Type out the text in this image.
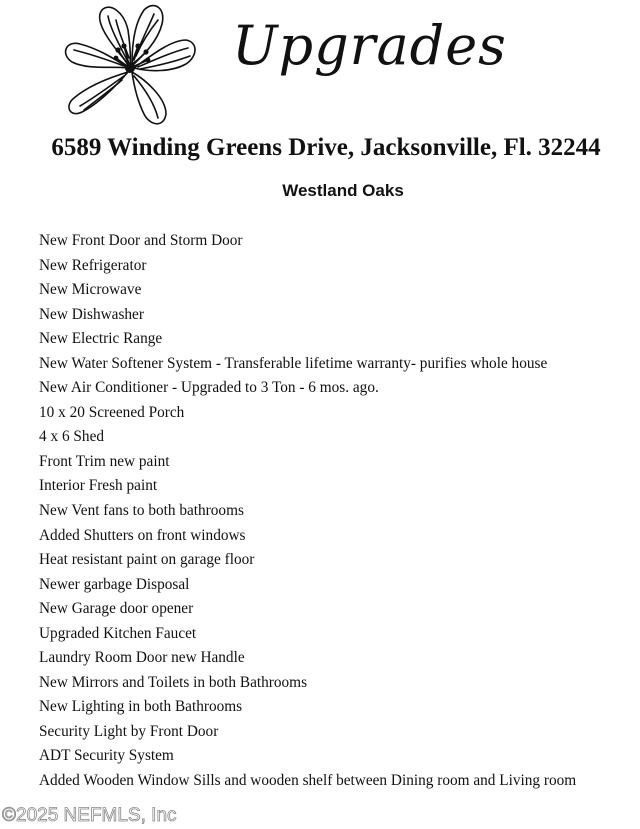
Upgrades
6589 Winding Greens Drive, Jacksonville, Fl. 32244
Westland Oaks
New Front Door and Storm Door
New Refrigerator
New Microwave
New Dishwasher
New Electric Range
New Water Softener System - Transferable lifetime warranty- purifies whole house
New Air Conditioner - Upgraded to 3 Ton - 6 mos. ago.
10 x 20 Screened Porch
4 x 6 Shed
Front Trim new paint
Interior Fresh paint
New Vent fans to both bathrooms
Added Shutters on front windows
Heat resistant paint on garage floor
Newer garbage Disposal
New Garage door opener
Upgraded Kitchen Faucet
Laundry Room Door new Handle
New Mirrors and Toilets in both Bathrooms
New Lighting in both Bathrooms
Security Light by Front Door
ADT Security System
Added Wooden Window Sills and wooden shelf between Dining room and Living room
©2025 NEFMLS, Inc
